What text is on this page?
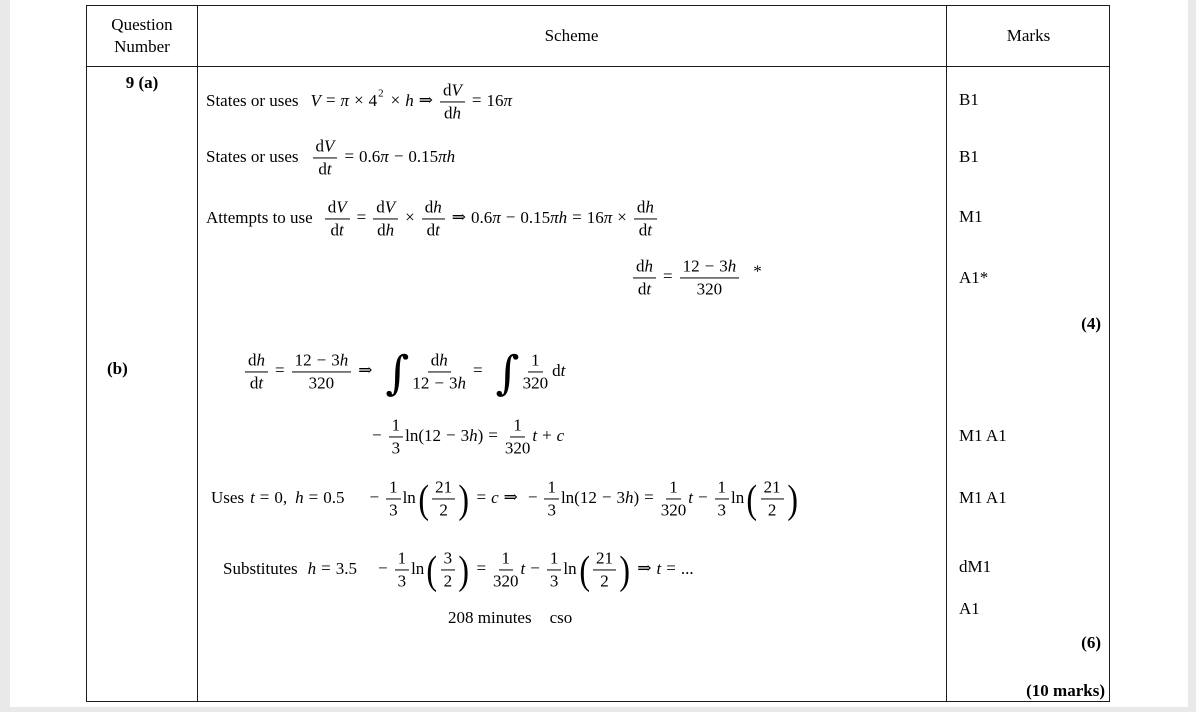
Question Number
Scheme	Marks
9 (a)
(b)
States or uses $V = \pi \times 4^2 \times h$ ⇒ $\frac{dV}{dh} = 16\pi$
States or uses $\frac{dV}{dt} = 0.6\pi - 0.15\pi h$
Attempts to use $\frac{dV}{dt} = \frac{dV}{dh} \times \frac{dh}{dt}$ ⇒ $0.6\pi - 0.15\pi h = 16\pi \times \frac{dh}{dt}$
$\frac{dh}{dt} = \frac{12 - 3h}{320}$ *
$\frac{dh}{dt} = \frac{12 - 3h}{320}$ ⇒ ∫ $\frac{dh}{12 - 3h}$ = ∫ $\frac{1}{320}$ dt
− $\frac{1}{3} \ln(12 - 3h) = \frac{1}{320}$ t + c
Uses t = 0, $h = 0.5 - \frac{1}{3}$ ln ( $\frac{21}{2}$ ) = c ⇒ − $\frac{1}{3} \ln(12 - 3h) = \frac{1}{320}$ $t - \frac{1}{3}$ ln ( $\frac{21}{2}$ )
Substitutes $h = 3.5 - \frac{1}{3}$ ln ( $\frac{3}{2}$ ) = $\frac{1}{320}$ $t - \frac{1}{3}$ ln ( $\frac{21}{2}$ ) ⇒ t = ...
208 minutes cso
B1
B1
M1
A1*
(4)
M1 A1
M1 A1
dM1
A1
(6)
(10 marks)
